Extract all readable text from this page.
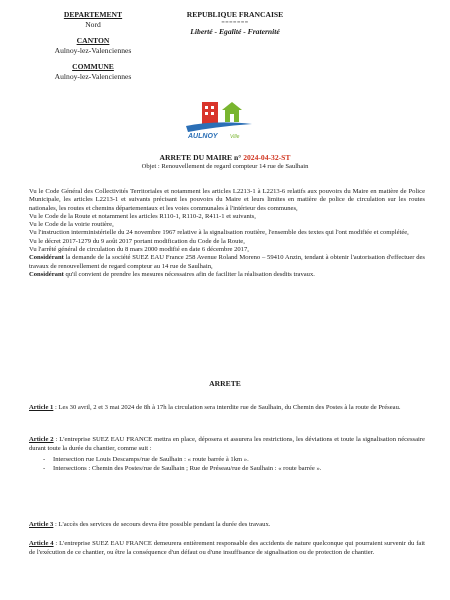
DEPARTEMENT
Nord
CANTON
Aulnoy-lez-Valenciennes
COMMUNE
Aulnoy-lez-Valenciennes
REPUBLIQUE FRANCAISE
=======
Liberté - Egalité - Fraternité
AULNOY Ville
ARRETE DU MAIRE n° 2024-04-32-ST
Objet : Renouvellement de regard compteur 14 rue de Saulhain

Vu le Code Général des Collectivités Territoriales et notamment les articles L2213-1 à L2213-6 relatifs aux pouvoirs du Maire en matière de Police Municipale, les articles L2213-1 et suivants précisant les pouvoirs du Maire et leurs limites en matière de police de circulation sur les routes nationales, les routes et chemins départementaux et les voies communales à l'intérieur des communes,

Vu le Code de la Route et notamment les articles R110-1, R110-2, R411-1 et suivants,

Vu le Code de la voirie routière,

Vu l'instruction interministérielle du 24 novembre 1967 relative à la signalisation routière, l'ensemble des textes qui l'ont modifiée et complétée,

Vu le décret 2017-1279 du 9 août 2017 portant modification du Code de la Route,

Vu l'arrêté général de circulation du 8 mars 2000 modifié en date 6 décembre 2017,

Considérant la demande de la société SUEZ EAU France 258 Avenue Roland Moreno – 59410 Anzin, tendant à obtenir l'autorisation d'effectuer des travaux de renouvellement de regard compteur au 14 rue de Saulhain,

Considérant qu'il convient de prendre les mesures nécessaires afin de faciliter la réalisation desdits travaux.

ARRETE
Article 1 : Les 30 avril, 2 et 3 mai 2024 de 8h à 17h la circulation sera interdite rue de Saulhain, du Chemin des Postes à la route de Préseau.
Article 2 : L'entreprise SUEZ EAU FRANCE mettra en place, déposera et assurera les restrictions, les déviations et toute la signalisation nécessaire durant toute la durée du chantier, comme suit :
- Intersection rue Louis Descamps/rue de Saulhain : « route barrée à 1km ».
- Intersections : Chemin des Postes/rue de Saulhain ; Rue de Préseau/rue de Saulhain : « route barrée ».
Article 3 : L'accès des services de secours devra être possible pendant la durée des travaux.
Article 4 : L'entreprise SUEZ EAU FRANCE demeurera entièrement responsable des accidents de nature quelconque qui pourraient survenir du fait de l'exécution de ce chantier, ou être la conséquence d'un défaut ou d'une insuffisance de signalisation ou de protection de chantier.
